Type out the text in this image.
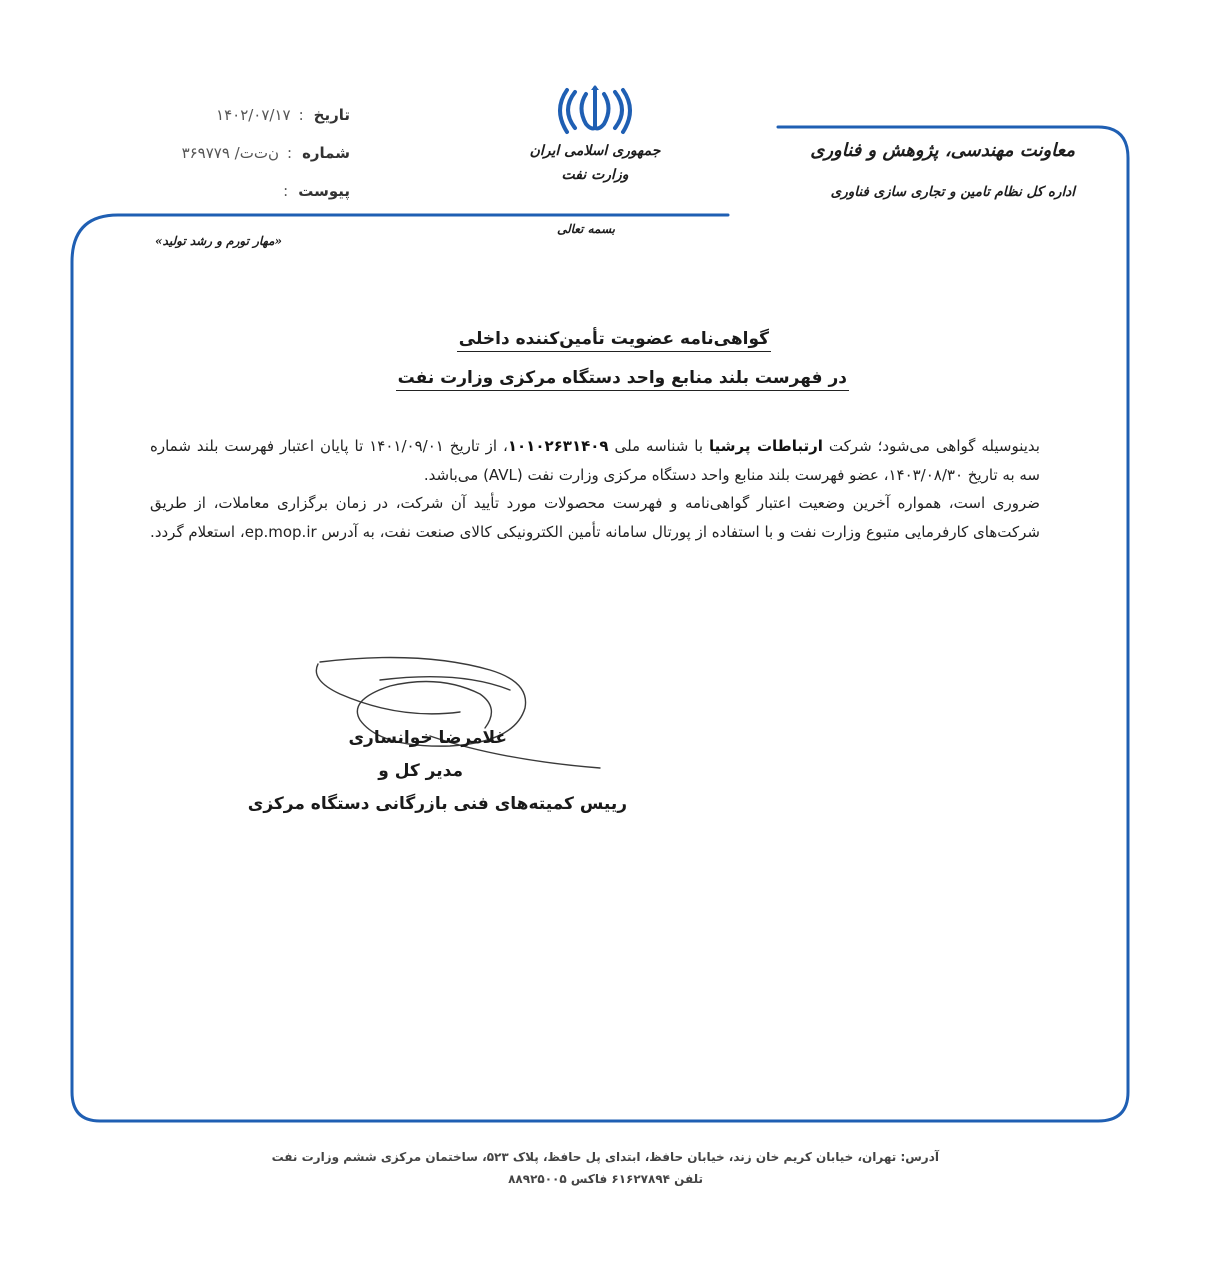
تاریخ:۱۴۰۲/۰۷/۱۷
شماره:ن‌ت‌ت/ ۳۶۹۷۷۹
پیوست:
«مهار تورم و رشد تولید»
جمهوری اسلامی ایران
وزارت نفت
بسمه تعالی
معاونت مهندسی، پژوهش و فناوری
اداره کل نظام تامین و تجاری سازی فناوری
گواهی‌نامه عضویت تأمین‌کننده داخلی
در فهرست بلند منابع واحد دستگاه مرکزی وزارت نفت

بدینوسیله گواهی می‌شود؛ شرکت ارتباطات پرشیا با شناسه ملی ۱۰۱۰۲۶۳۱۴۰۹، از تاریخ ۱۴۰۱/۰۹/۰۱ تا پایان اعتبار فهرست بلند شماره سه به تاریخ ۱۴۰۳/۰۸/۳۰، عضو فهرست بلند منابع واحد دستگاه مرکزی وزارت نفت (AVL) می‌باشد.

ضروری است، همواره آخرین وضعیت اعتبار گواهی‌نامه و فهرست محصولات مورد تأیید آن شرکت، در زمان برگزاری معاملات، از طریق شرکت‌های کارفرمایی متبوع وزارت نفت و با استفاده از پورتال سامانه تأمین الکترونیکی کالای صنعت نفت، به آدرس ep.mop.ir، استعلام گردد.

غلامرضا خوانساری
مدیر کل و
رییس کمیته‌های فنی بازرگانی دستگاه مرکزی
آدرس: تهران، خیابان کریم خان زند، خیابان حافظ، ابتدای پل حافظ، پلاک ۵۲۳، ساختمان مرکزی ششم وزارت نفت
تلفن ۶۱۶۲۷۸۹۴ فاکس ۸۸۹۲۵۰۰۵
